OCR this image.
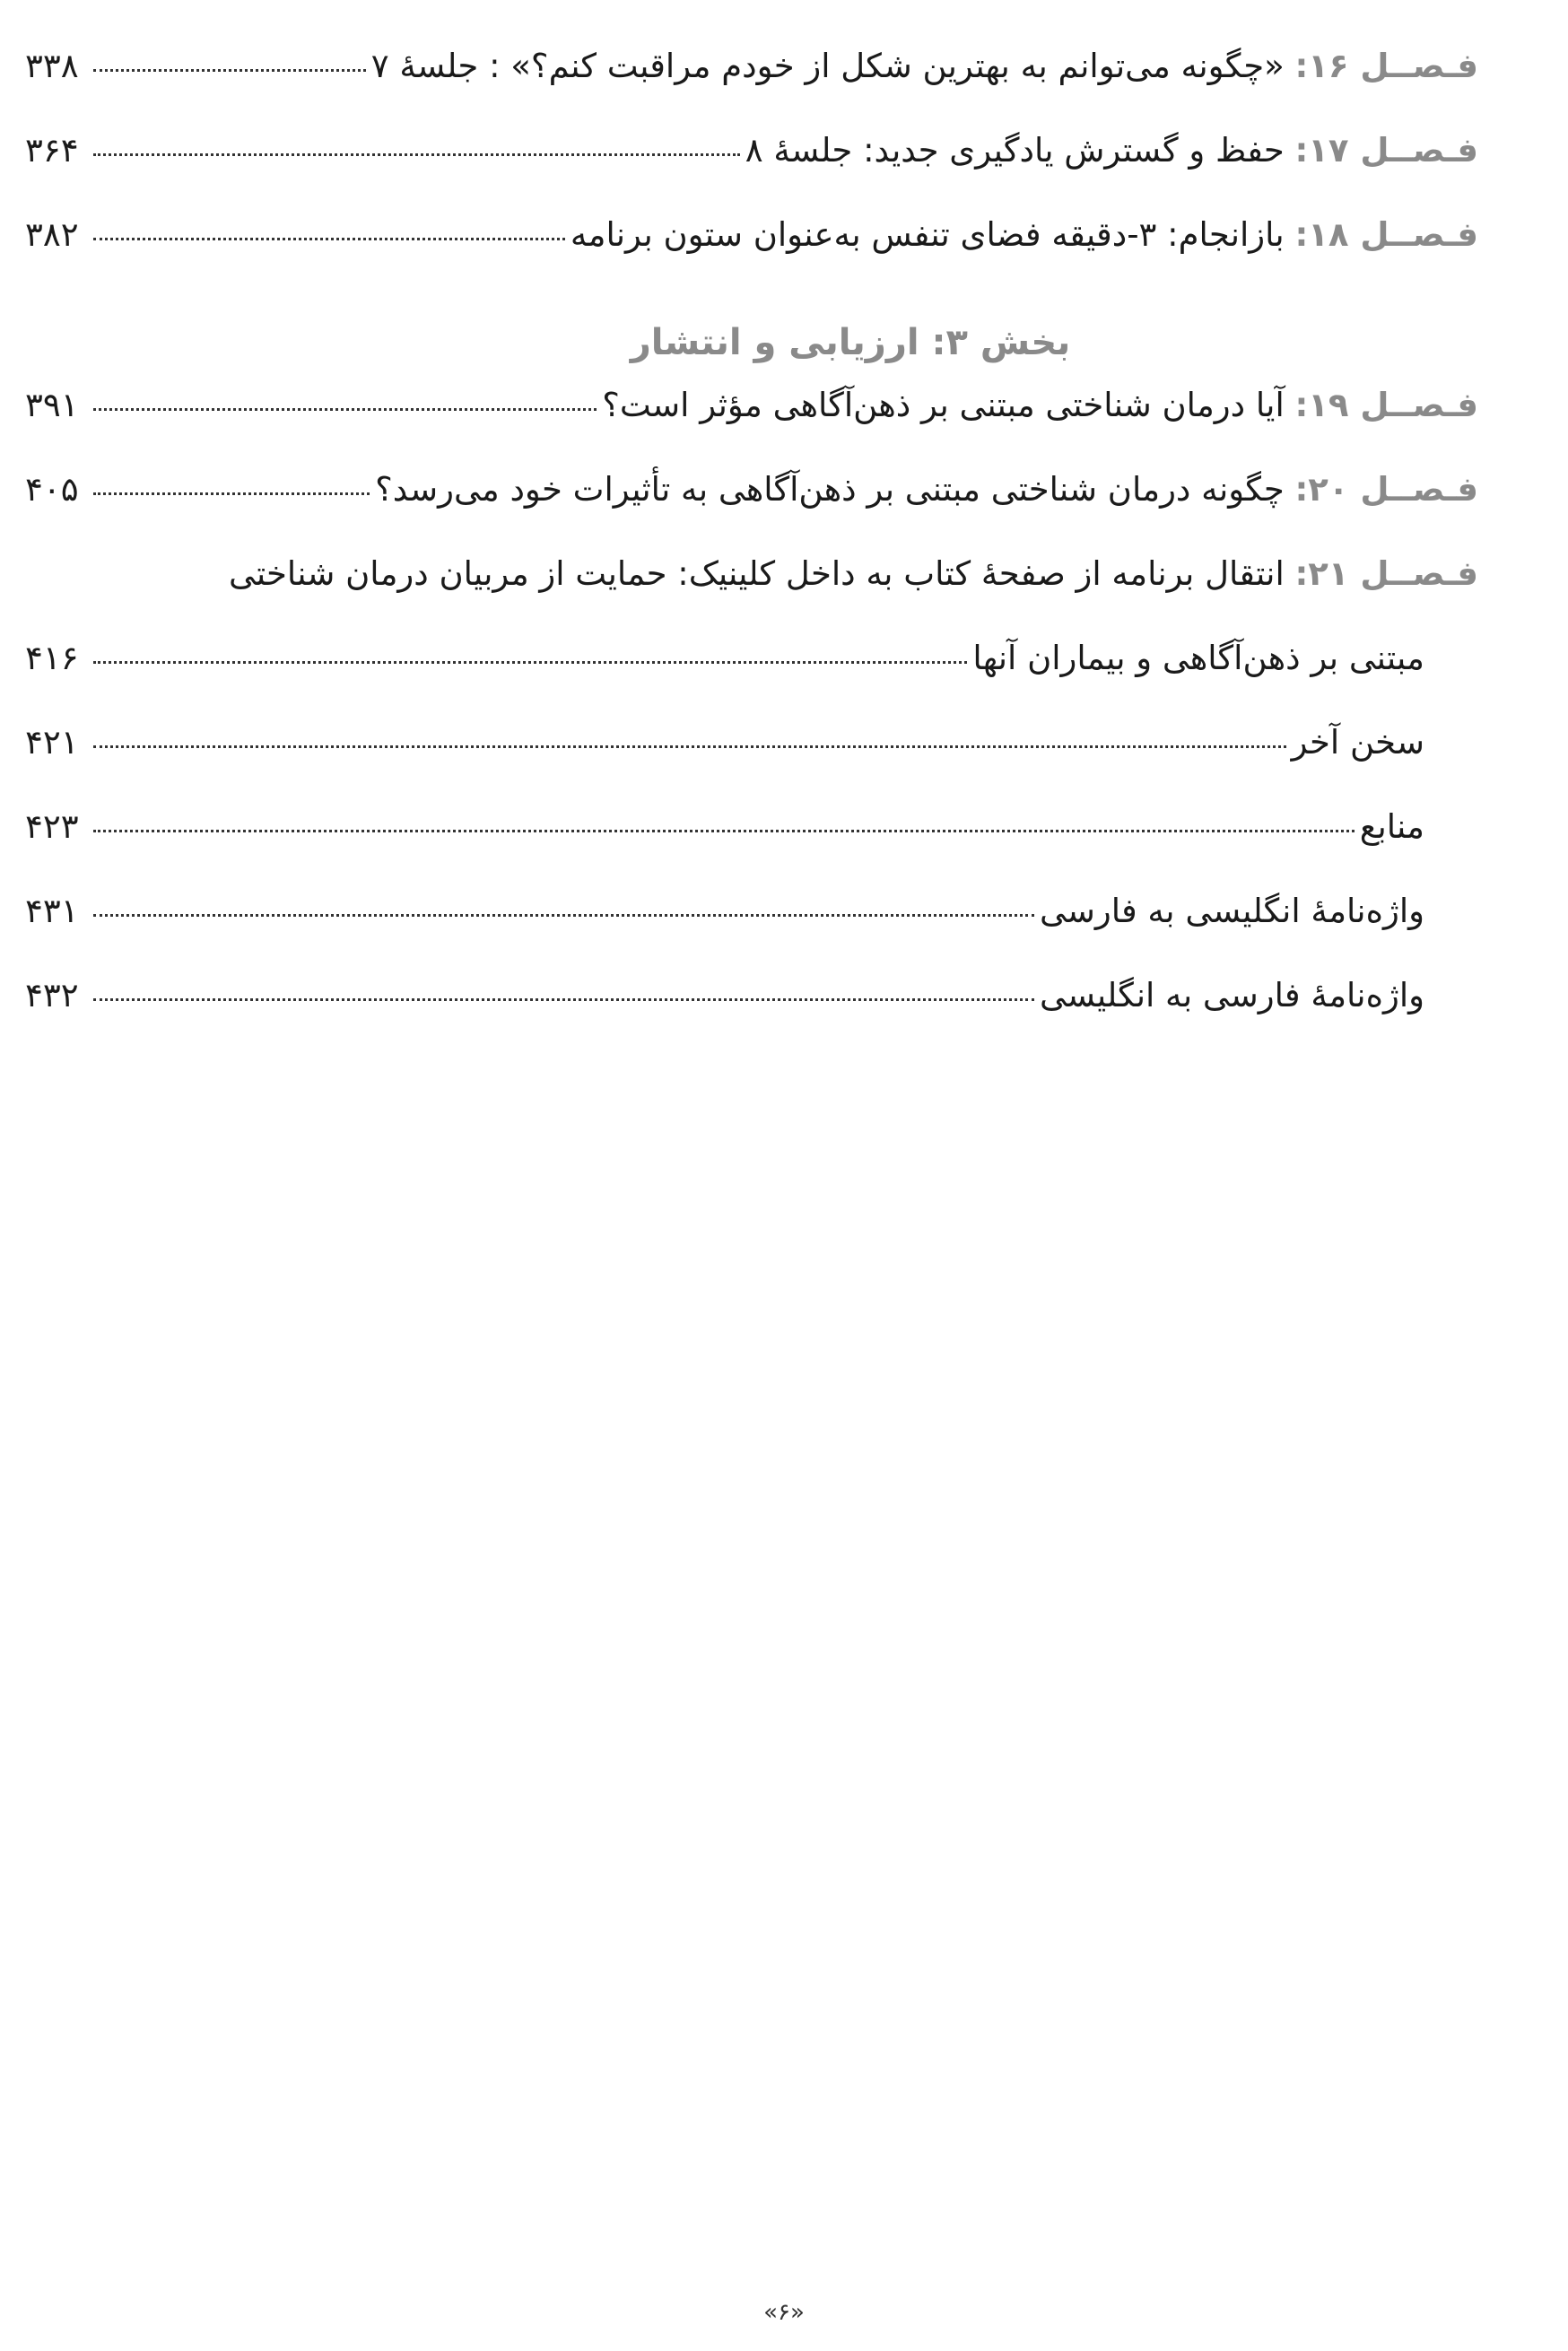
فـصــل ۱۶: «چگونه می‌توانم به بهترین شکل از خودم مراقبت کنم؟» : جلسهٔ ۷
۳۳۸
فـصــل ۱۷: حفظ و گسترش یادگیری جدید: جلسهٔ ۸
۳۶۴
فـصــل ۱۸: بازانجام: ۳-دقیقه فضای تنفس به‌عنوان ستون برنامه
۳۸۲
بخش ۳: ارزیابی و انتشار
فـصــل ۱۹: آیا درمان شناختی مبتنی بر ذهن‌آگاهی مؤثر است؟
۳۹۱
فـصــل ۲۰: چگونه درمان شناختی مبتنی بر ذهن‌آگاهی به تأثیرات خود می‌رسد؟
۴۰۵
فـصــل ۲۱: انتقال برنامه از صفحهٔ کتاب به داخل کلینیک: حمایت از مربیان درمان شناختی
مبتنی بر ذهن‌آگاهی و بیماران آنها
۴۱۶
سخن آخر
۴۲۱
منابع
۴۲۳
واژه‌نامهٔ انگلیسی به فارسی
۴۳۱
واژه‌نامهٔ فارسی به انگلیسی
۴۳۲
«۶»
